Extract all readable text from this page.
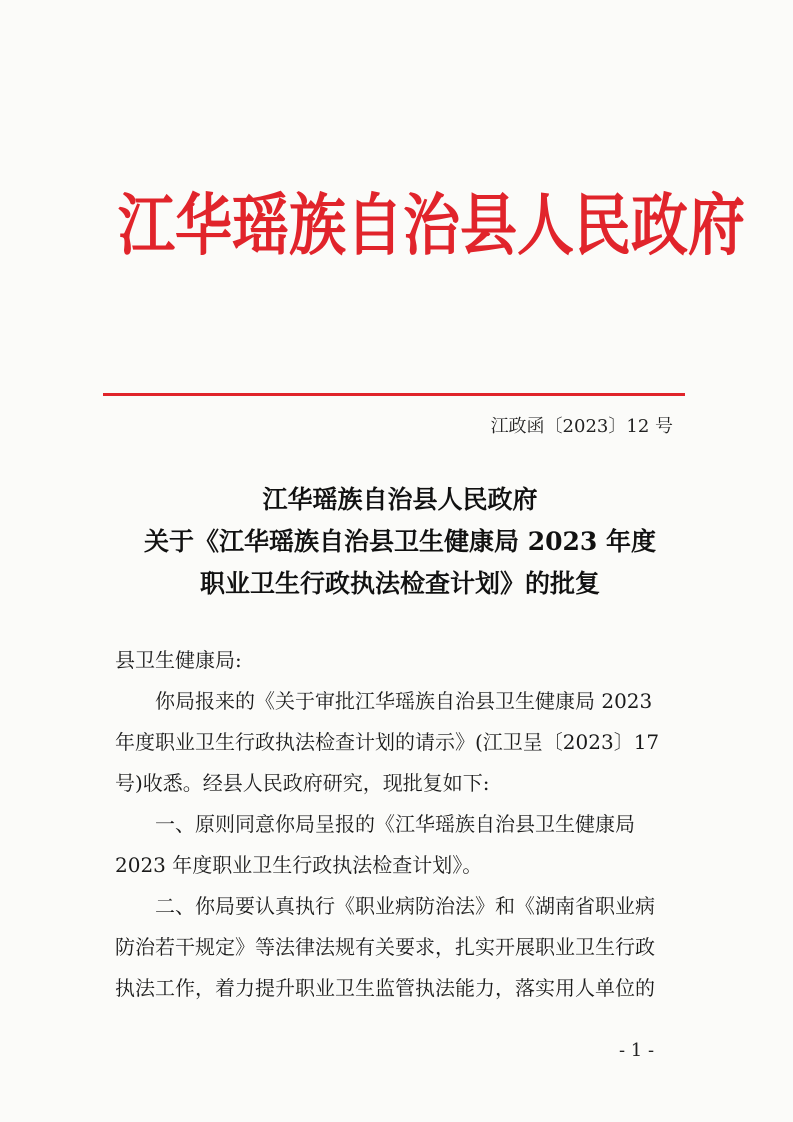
江华瑶族自治县人民政府
江政函〔2023〕12 号
江华瑶族自治县人民政府
关于《江华瑶族自治县卫生健康局 2023 年度
职业卫生行政执法检查计划》的批复
县卫生健康局:
你局报来的《关于审批江华瑶族自治县卫生健康局 2023
年度职业卫生行政执法检查计划的请示》(江卫呈〔2023〕17
号)收悉。经县人民政府研究，现批复如下:
一、原则同意你局呈报的《江华瑶族自治县卫生健康局
2023 年度职业卫生行政执法检查计划》。
二、你局要认真执行《职业病防治法》和《湖南省职业病
防治若干规定》等法律法规有关要求，扎实开展职业卫生行政
执法工作，着力提升职业卫生监管执法能力，落实用人单位的
- 1 -
